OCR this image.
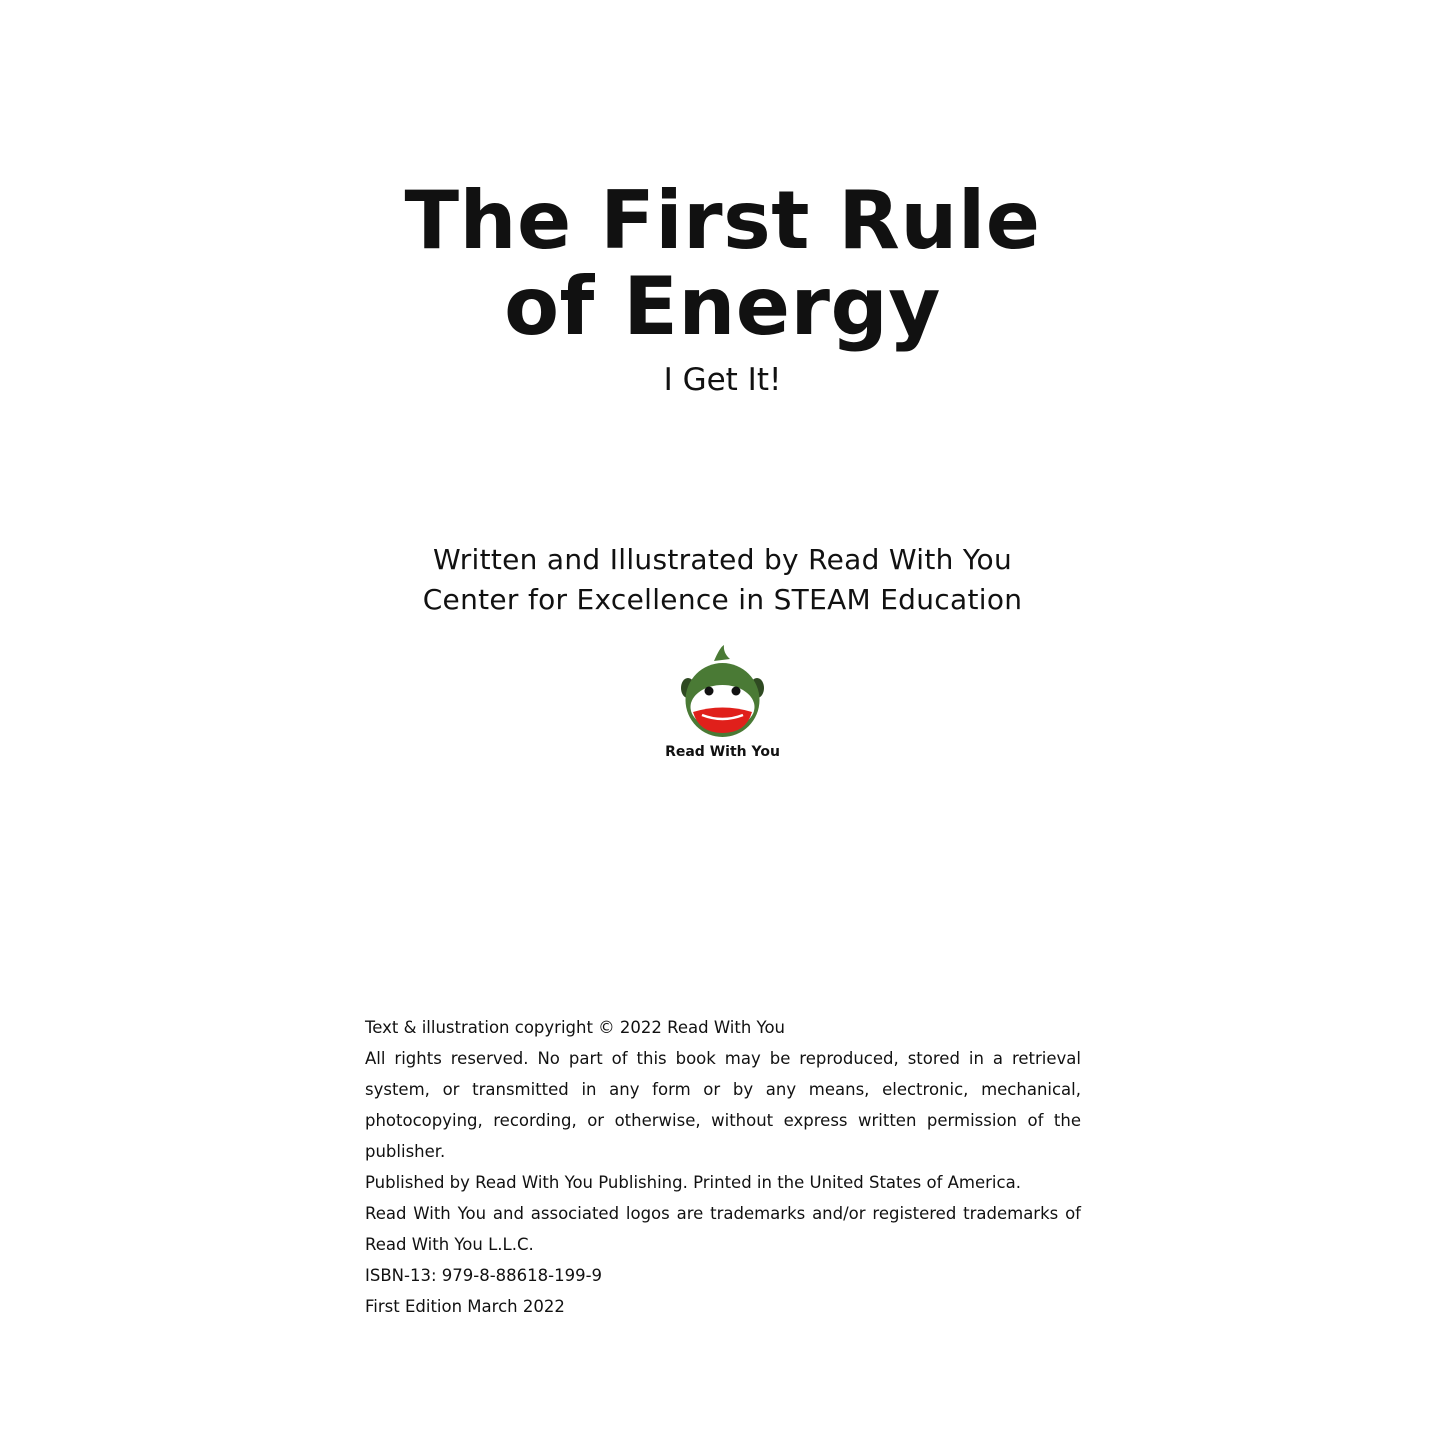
The First Rule
of Energy
I Get It!
Written and Illustrated by Read With You
Center for Excellence in STEAM Education
Read With You

Text & illustration copyright © 2022 Read With You

All rights reserved. No part of this book may be reproduced, stored in a retrieval system, or transmitted in any form or by any means, electronic, mechanical, photocopying, recording, or otherwise, without express written permission of the publisher.

Published by Read With You Publishing. Printed in the United States of America.

Read With You and associated logos are trademarks and/or registered trademarks of Read With You L.L.C.

ISBN-13: 979-8-88618-199-9

First Edition March 2022
